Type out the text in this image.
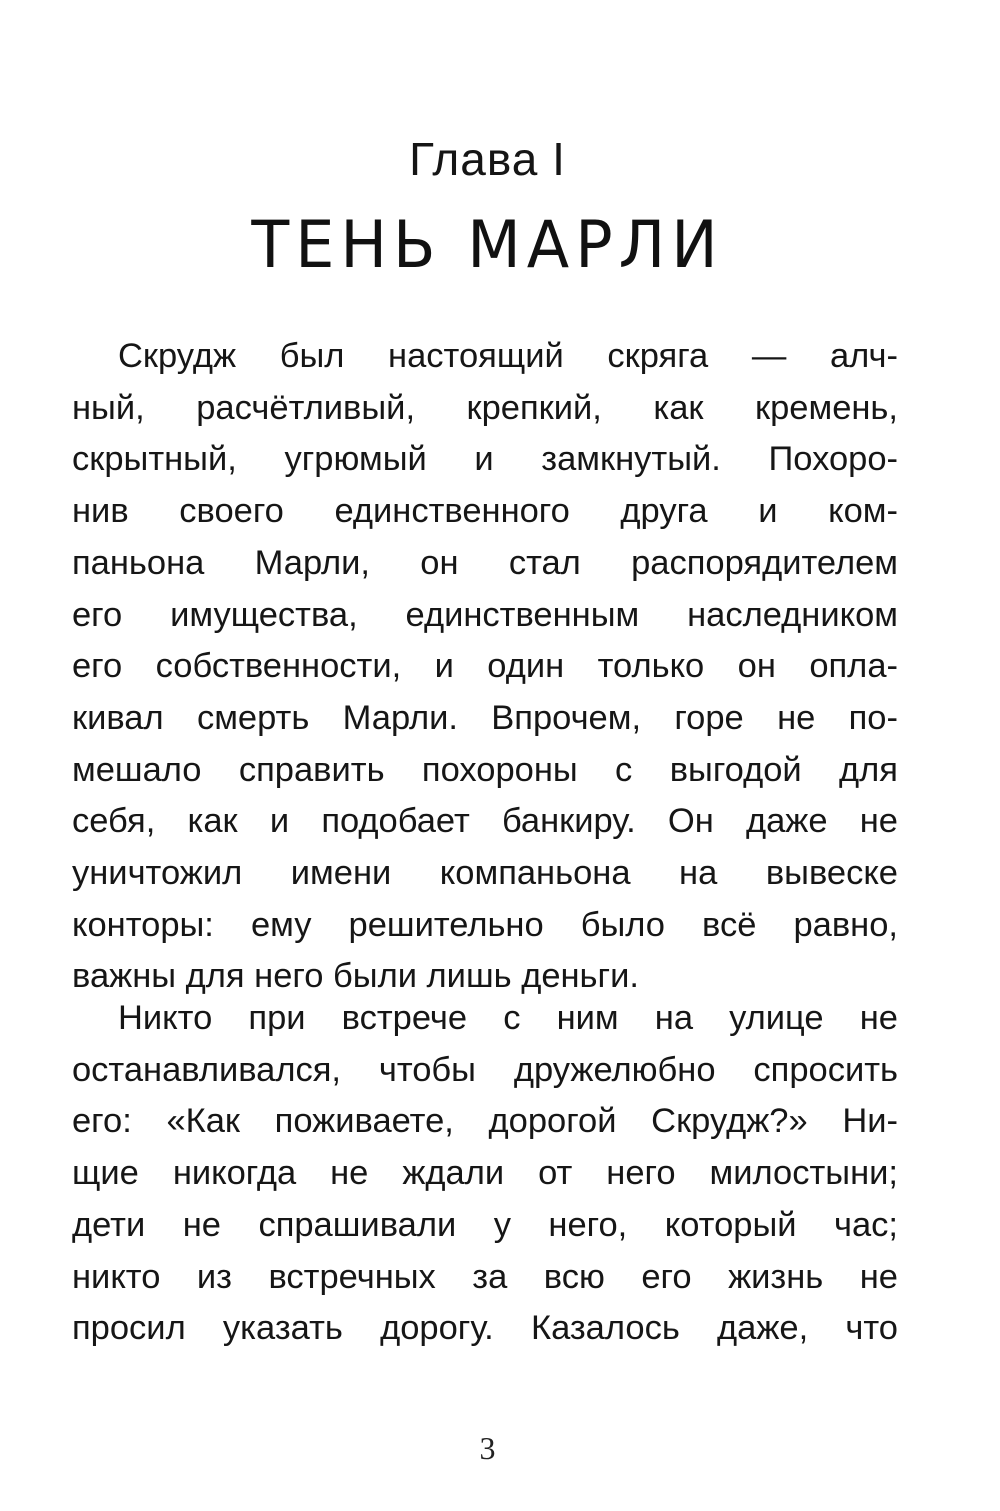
Глава I
ТЕНЬ МАРЛИ
Скрудж был настоящий скряга — алч-
ный, расчётливый, крепкий, как кремень,
скрытный, угрюмый и замкнутый. Похоро-
нив своего единственного друга и ком-
паньона Марли, он стал распорядителем
его имущества, единственным наследником
его собственности, и один только он опла-
кивал смерть Марли. Впрочем, горе не по-
мешало справить похороны с выгодой для
себя, как и подобает банкиру. Он даже не
уничтожил имени компаньона на вывеске
конторы: ему решительно было всё равно,
важны для него были лишь деньги.
Никто при встрече с ним на улице не
останавливался, чтобы дружелюбно спросить
его: «Как поживаете, дорогой Скрудж?» Ни-
щие никогда не ждали от него милостыни;
дети не спрашивали у него, который час;
никто из встречных за всю его жизнь не
просил указать дорогу. Казалось даже, что
3
